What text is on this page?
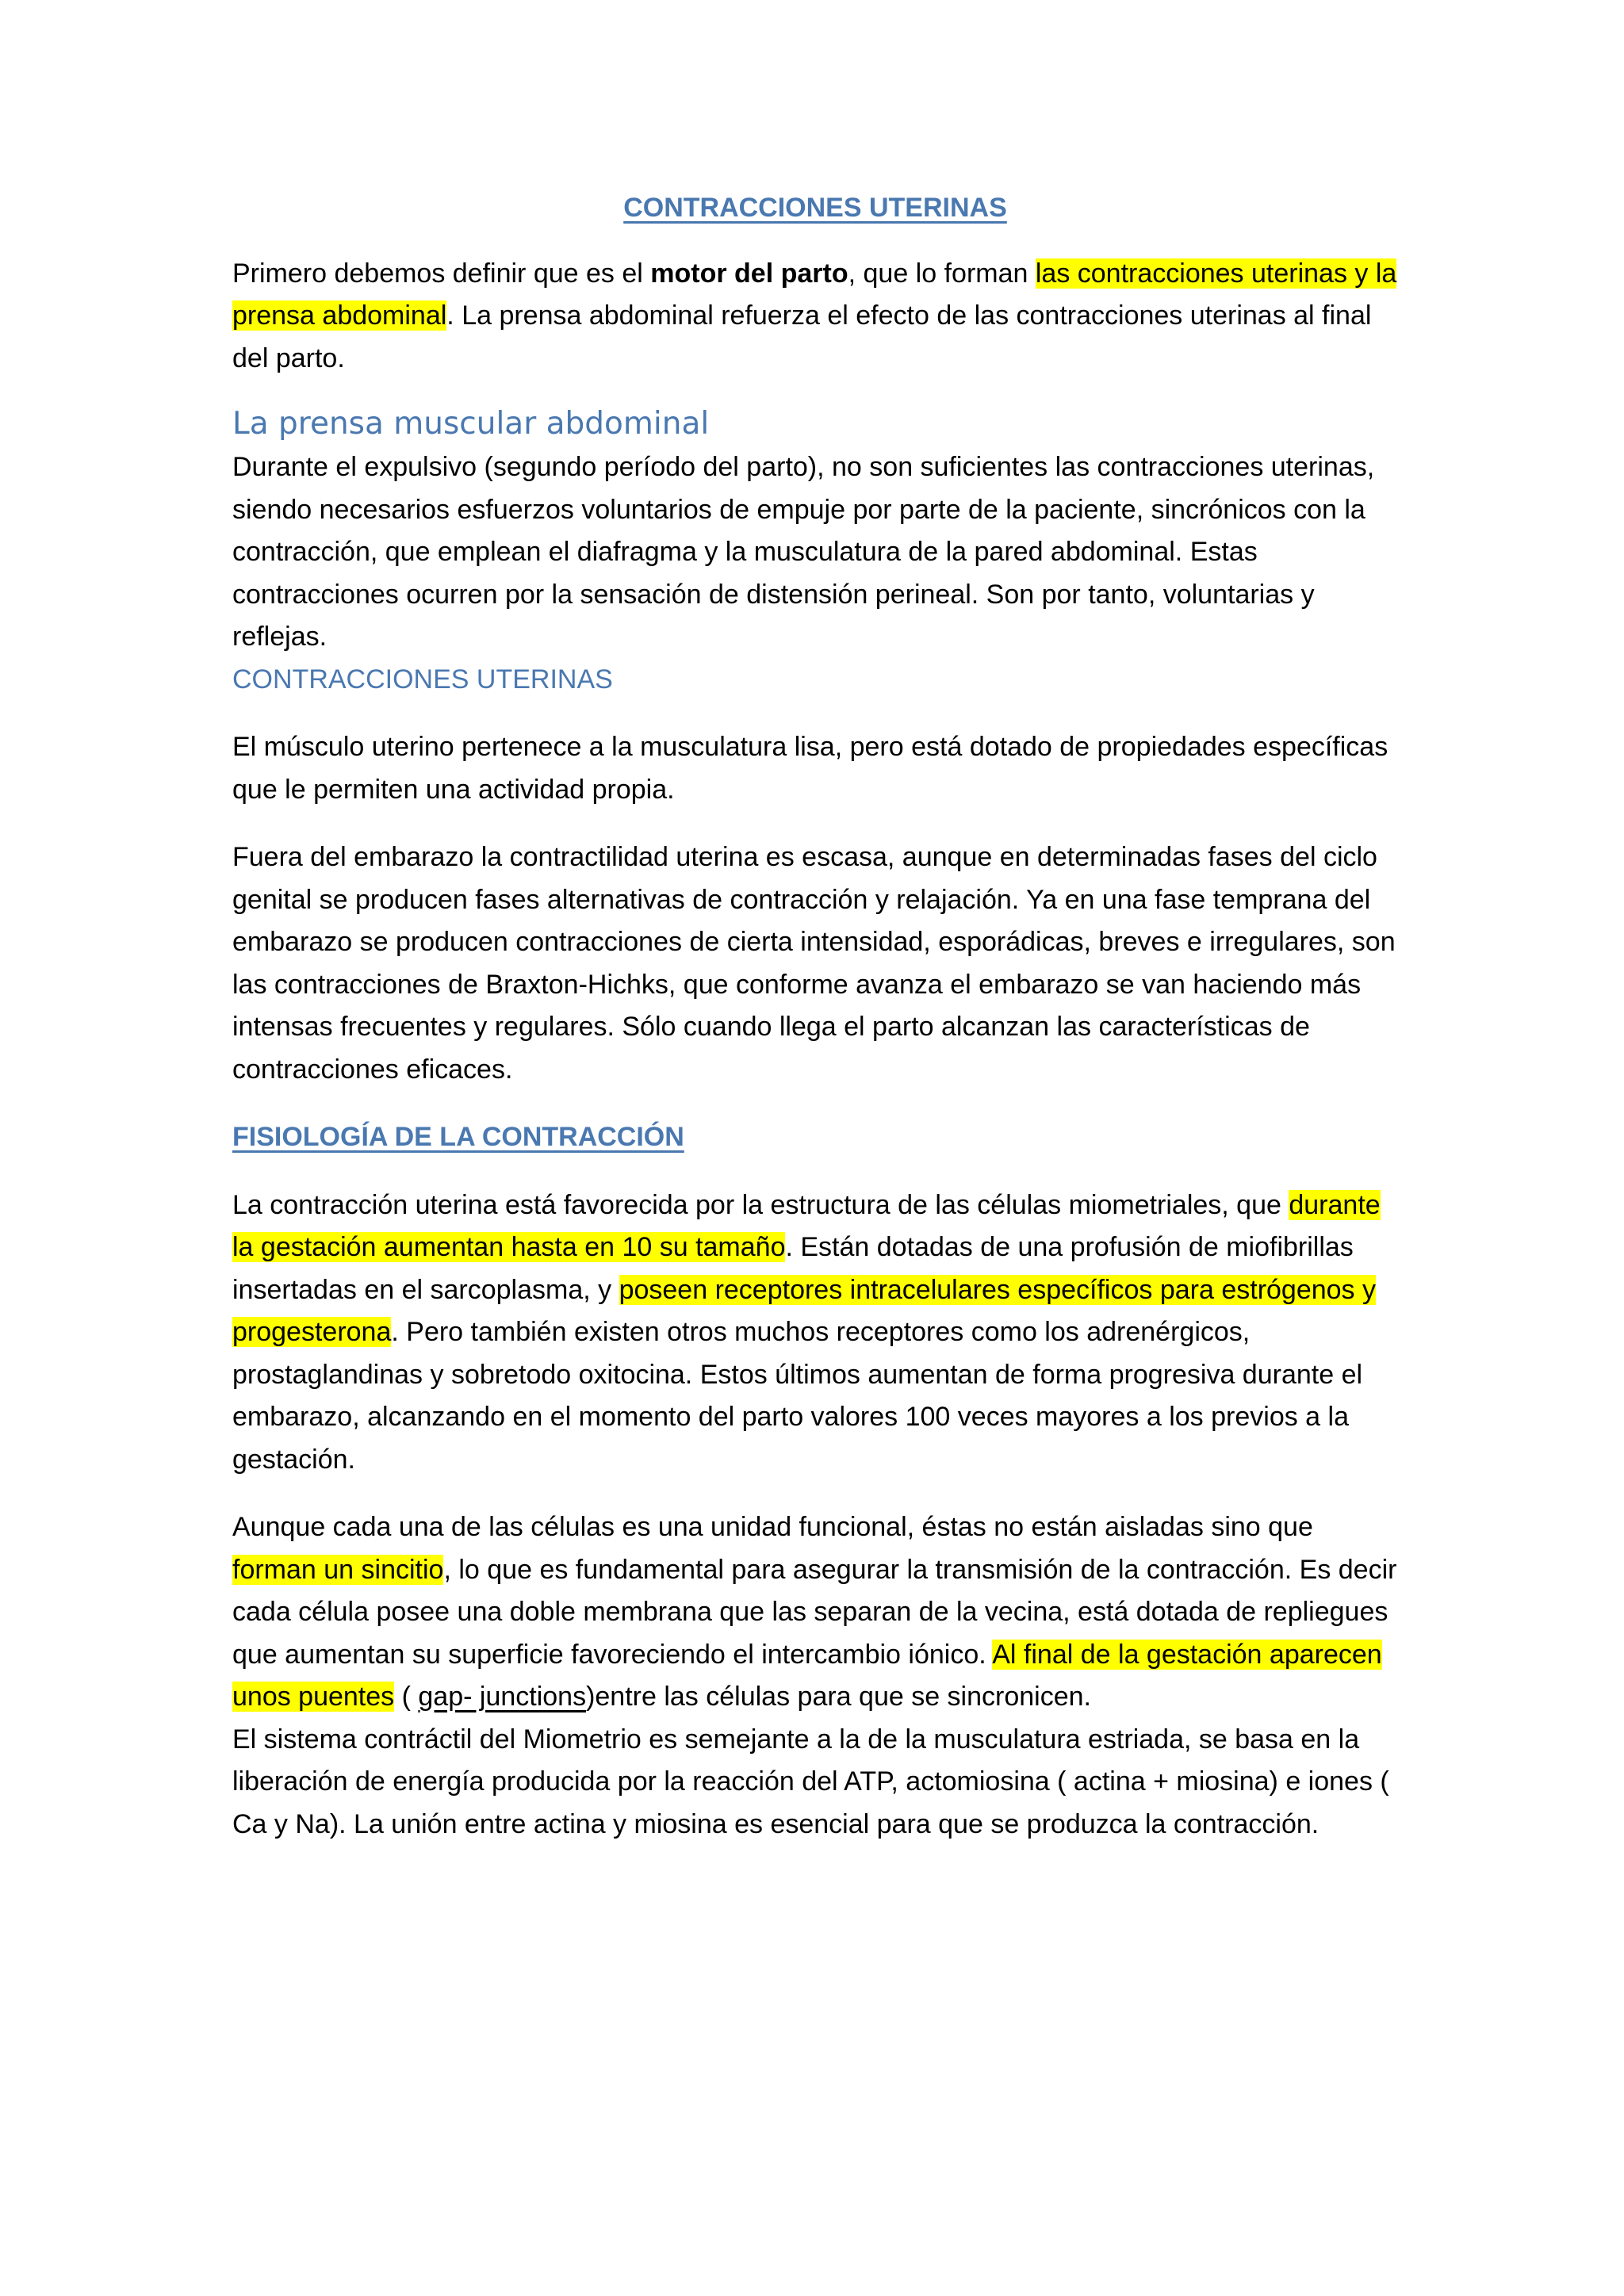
CONTRACCIONES UTERINAS

Primero debemos definir que es el motor del parto, que lo forman las contracciones uterinas y la prensa abdominal. La prensa abdominal refuerza el efecto de las contracciones uterinas al final del parto.

La prensa muscular abdominal

Durante el expulsivo (segundo período del parto), no son suficientes las contracciones uterinas, siendo necesarios esfuerzos voluntarios de empuje por parte de la paciente, sincrónicos con la contracción, que emplean el diafragma y la musculatura de la pared abdominal. Estas contracciones ocurren por la sensación de distensión perineal. Son por tanto, voluntarias y reflejas.

CONTRACCIONES UTERINAS

El músculo uterino pertenece a la musculatura lisa, pero está dotado de propiedades específicas que le permiten una actividad propia.

Fuera del embarazo la contractilidad uterina es escasa, aunque en determinadas fases del ciclo genital se producen fases alternativas de contracción y relajación. Ya en una fase temprana del embarazo se producen contracciones de cierta intensidad, esporádicas, breves e irregulares, son las contracciones de Braxton-Hichks, que conforme avanza el embarazo se van haciendo más intensas frecuentes y regulares. Sólo cuando llega el parto alcanzan las características de contracciones eficaces.

FISIOLOGÍA DE LA CONTRACCIÓN

La contracción uterina está favorecida por la estructura de las células miometriales, que durante la gestación aumentan hasta en 10 su tamaño. Están dotadas de una profusión de miofibrillas insertadas en el sarcoplasma, y poseen receptores intracelulares específicos para estrógenos y progesterona. Pero también existen otros muchos receptores como los adrenérgicos, prostaglandinas y sobretodo oxitocina. Estos últimos aumentan de forma progresiva durante el embarazo, alcanzando en el momento del parto valores 100 veces mayores a los previos a la gestación.

Aunque cada una de las células es una unidad funcional, éstas no están aisladas sino que forman un sincitio, lo que es fundamental para asegurar la transmisión de la contracción. Es decir cada célula posee una doble membrana que las separan de la vecina, está dotada de repliegues que aumentan su superficie favoreciendo el intercambio iónico. Al final de la gestación aparecen unos puentes ( gap- junctions)entre las células para que se sincronicen.

El sistema contráctil del Miometrio es semejante a la de la musculatura estriada, se basa en la liberación de energía producida por la reacción del ATP, actomiosina ( actina + miosina) e iones ( Ca y Na). La unión entre actina y miosina es esencial para que se produzca la contracción.
